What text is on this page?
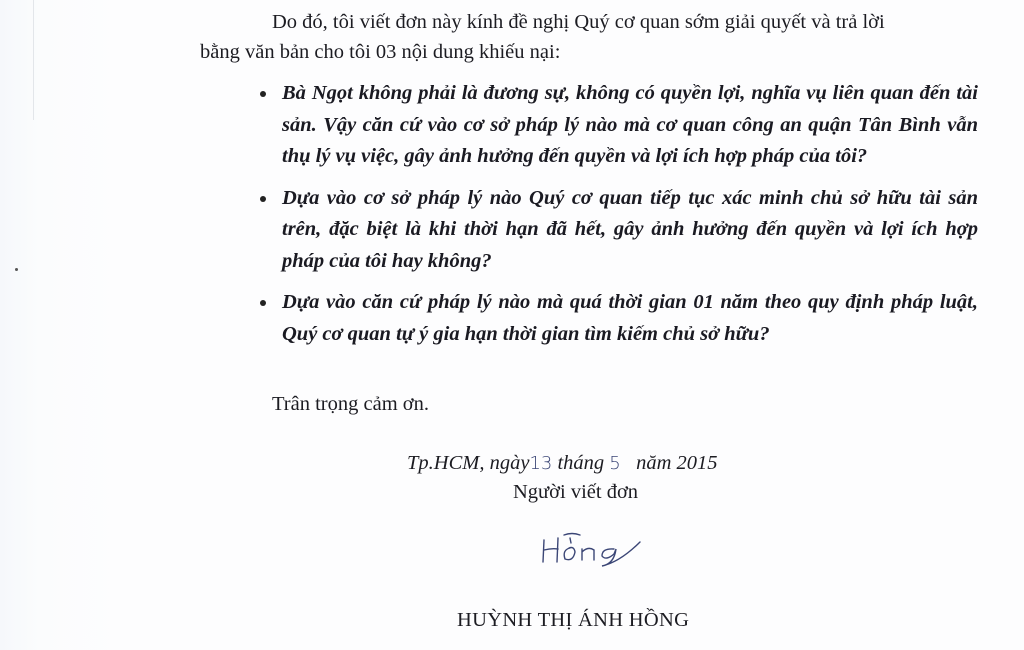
Do đó, tôi viết đơn này kính đề nghị Quý cơ quan sớm giải quyết và trả lời
bằng văn bản cho tôi 03 nội dung khiếu nại:
Bà Ngọt không phải là đương sự, không có quyền lợi, nghĩa vụ liên quan đến tài sản. Vậy căn cứ vào cơ sở pháp lý nào mà cơ quan công an quận Tân Bình vẫn thụ lý vụ việc, gây ảnh hưởng đến quyền và lợi ích hợp pháp của tôi?
Dựa vào cơ sở pháp lý nào Quý cơ quan tiếp tục xác minh chủ sở hữu tài sản trên, đặc biệt là khi thời hạn đã hết, gây ảnh hưởng đến quyền và lợi ích hợp pháp của tôi hay không?
Dựa vào căn cứ pháp lý nào mà quá thời gian 01 năm theo quy định pháp luật, Quý cơ quan tự ý gia hạn thời gian tìm kiếm chủ sở hữu?
Trân trọng cảm ơn.
Tp.HCM, ngày13 tháng 5 năm 2015
Người viết đơn
HUỲNH THỊ ÁNH HỒNG
